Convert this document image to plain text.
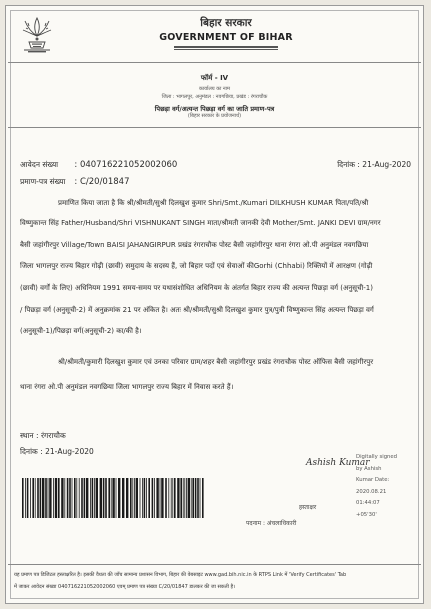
बिहार सरकार
GOVERNMENT OF BIHAR
फॉर्म - IV
कार्यालय का नाम
जिला : भागलपुर, अनुमंडल : नवगछिया, प्रखंड : रंगराचौक
पिछड़ा वर्ग/अत्यन्त पिछड़ा वर्ग का जाति प्रमाण-पत्र
(बिहार सरकार के प्रयोजनार्थ)
आवेदन संख्या : 04071622105200​2060
प्रमाण-पत्र संख्या : C/20/01847
दिनांक : 21-Aug-2020
प्रमाणित किया जाता है कि श्री/श्रीमती/सुश्री दिलखुश कुमार Shri/Smt./Kumari DILKHUSH KUMAR पिता/पति/श्री
विष्णुकान्त सिंह Father/Husband/Shri VISHNUKANT SINGH माता/श्रीमती जानकी देवी Mother/Smt. JANKI DEVI ग्राम/नगर
बैसी जहांगीरपुर Village/Town BAISI JAHANGIRPUR प्रखंड रंगराचौक पोस्ट बैसी जहांगीरपुर थाना रंगरा ओ.पी अनुमंडल नवगछिया
जिला भागलपुर राज्य बिहार गोढ़ी (छावी) समुदाय के सदस्य हैं, जो बिहार पदों एवं सेवाओं कीGorhi (Chhabi) रिक्तियों में आरक्षण (गोढ़ी
(छावी) वर्गों के लिए) अधिनियम 1991 समय-समय पर यथासंशोधित अधिनियम के अंतर्गत बिहार राज्य की अत्यन्त पिछड़ा वर्ग (अनुसूची-1)
/ पिछड़ा वर्ग (अनुसूची-2) में अनुक्रमांक 21 पर अंकित है। अतः श्री/श्रीमती/सुश्री दिलखुश कुमार पुत्र/पुत्री विष्णुकान्त सिंह अत्यन्त पिछड़ा वर्ग
(अनुसूची-1)/पिछड़ा वर्ग(अनुसूची-2) का/की है।
श्री/श्रीमती/कुमारी दिलखुश कुमार एवं उनका परिवार ग्राम/शहर बैसी जहांगीरपुर प्रखंड रंगराचौक पोस्ट ऑफिस बैसी जहांगीरपुर
थाना रंगरा ओ.पी अनुमंडल नवगछिया जिला भागलपुर राज्य बिहार में निवास करते हैं।
स्थान : रंगराचौक
दिनांक : 21-Aug-2020
Ashish Kumar
Digitally signed
by Ashish
Kumar Date:
2020.08.21
01:44:07
+05'30'
हस्ताक्षर
पदनाम : अंचलाधिकारी
यह प्रमाण पत्र डिजिटल हस्ताक्षरित है। इसकी वैधता की जाँच सामान्य प्रशासन विभाग, बिहार की वेबसाइट www.gad.bih.nic.in के RTPS Link में 'Verify Certificates' Tab
में जाकर आवेदन संख्या 04071622105200​2060 एवम् प्रमाण पत्र संख्या C/20/01847 डालकर की जा सकती है।
